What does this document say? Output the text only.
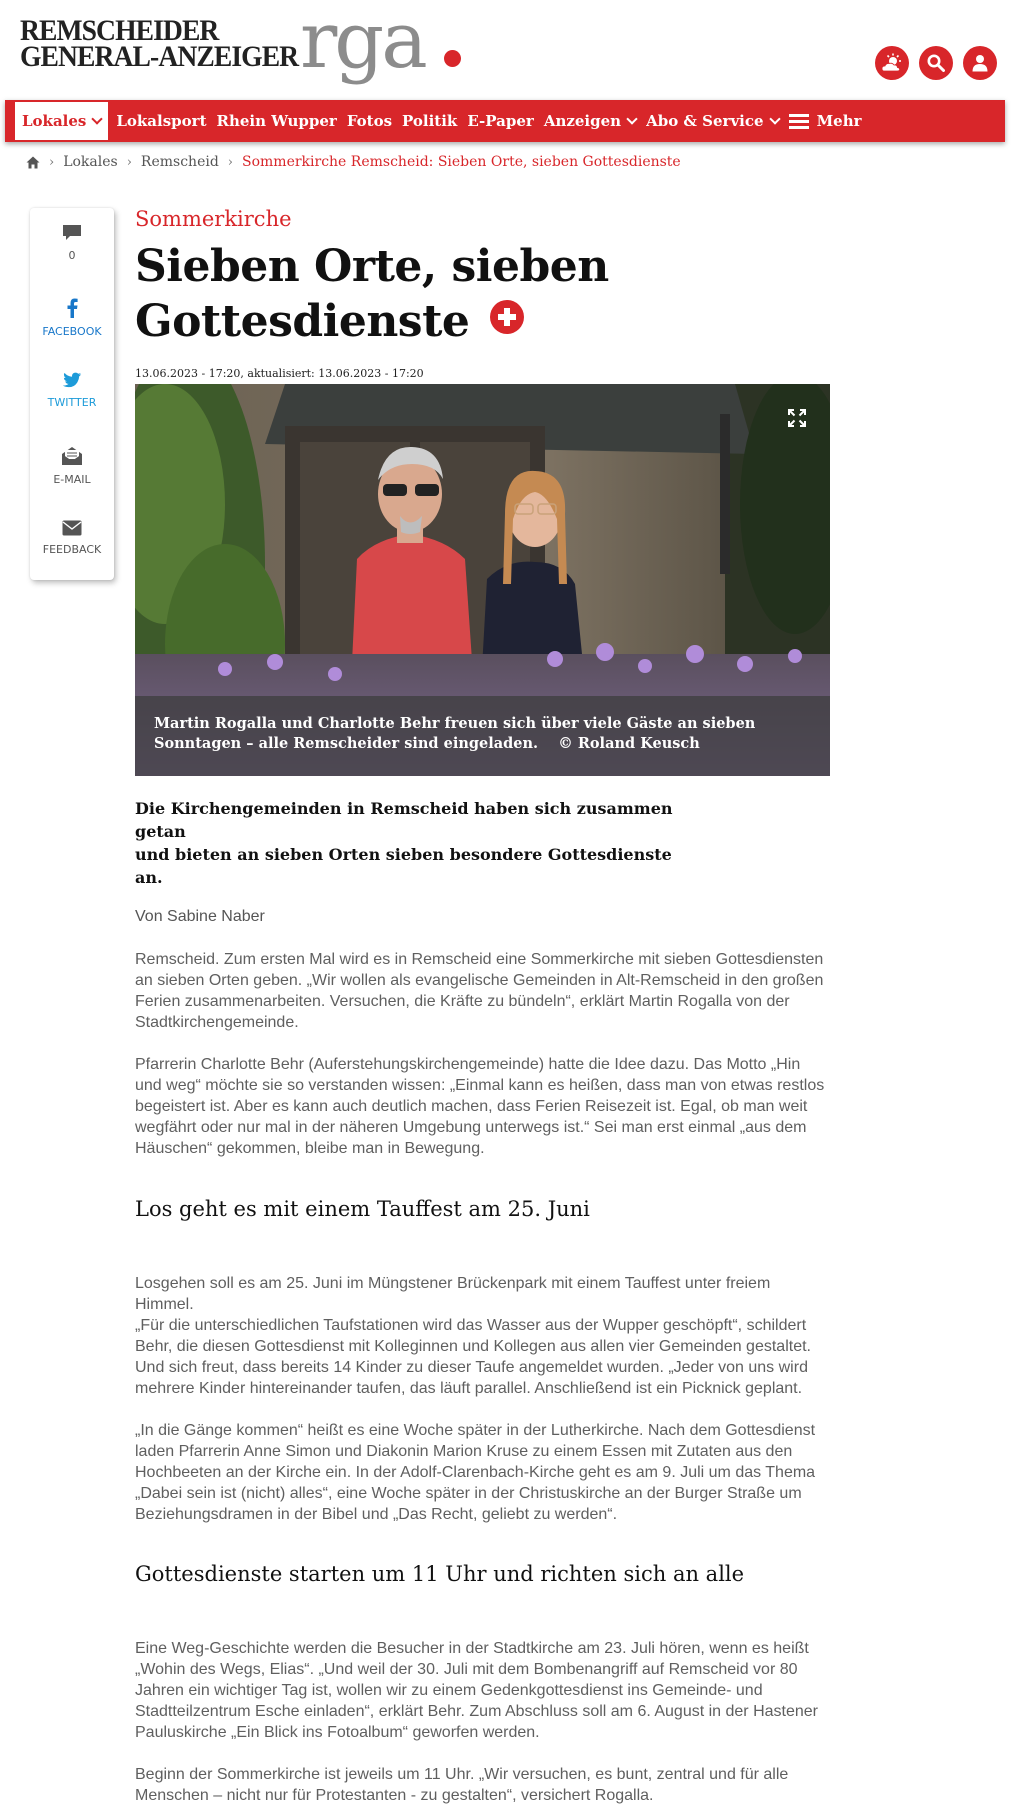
REMSCHEIDER
GENERAL-ANZEIGER rga
Lokales Lokalsport Rhein Wupper Fotos Politik E-Paper Anzeigen Abo & Service	Mehr
› Lokales › Remscheid › Sommerkirche Remscheid: Sieben Orte, sieben Gottesdienste
0
FACEBOOK
TWITTER
E-MAIL
FEEDBACK
Sommerkirche
Sieben Orte, sieben
Gottesdienste
13.06.2023 - 17:20, aktualisiert: 13.06.2023 - 17:20
Martin Rogalla und Charlotte Behr freuen sich über viele Gäste an sieben
Sonntagen – alle Remscheider sind eingeladen.    © Roland Keusch
Die Kirchengemeinden in Remscheid haben sich zusammen getan
und bieten an sieben Orten sieben besondere Gottesdienste an.
Von Sabine Naber
Remscheid. Zum ersten Mal wird es in Remscheid eine Sommerkirche mit sieben Gottesdiensten
an sieben Orten geben. „Wir wollen als evangelische Gemeinden in Alt-Remscheid in den großen
Ferien zusammenarbeiten. Versuchen, die Kräfte zu bündeln“, erklärt Martin Rogalla von der
Stadtkirchengemeinde.
Pfarrerin Charlotte Behr (Auferstehungskirchengemeinde) hatte die Idee dazu. Das Motto „Hin
und weg“ möchte sie so verstanden wissen: „Einmal kann es heißen, dass man von etwas restlos
begeistert ist. Aber es kann auch deutlich machen, dass Ferien Reisezeit ist. Egal, ob man weit
wegfährt oder nur mal in der näheren Umgebung unterwegs ist.“ Sei man erst einmal „aus dem
Häuschen“ gekommen, bleibe man in Bewegung.
Los geht es mit einem Tauffest am 25. Juni
Losgehen soll es am 25. Juni im Müngstener Brückenpark mit einem Tauffest unter freiem Himmel.
„Für die unterschiedlichen Taufstationen wird das Wasser aus der Wupper geschöpft“, schildert
Behr, die diesen Gottesdienst mit Kolleginnen und Kollegen aus allen vier Gemeinden gestaltet.
Und sich freut, dass bereits 14 Kinder zu dieser Taufe angemeldet wurden. „Jeder von uns wird
mehrere Kinder hintereinander taufen, das läuft parallel. Anschließend ist ein Picknick geplant.
„In die Gänge kommen“ heißt es eine Woche später in der Lutherkirche. Nach dem Gottesdienst
laden Pfarrerin Anne Simon und Diakonin Marion Kruse zu einem Essen mit Zutaten aus den
Hochbeeten an der Kirche ein. In der Adolf-Clarenbach-Kirche geht es am 9. Juli um das Thema
„Dabei sein ist (nicht) alles“, eine Woche später in der Christuskirche an der Burger Straße um
Beziehungsdramen in der Bibel und „Das Recht, geliebt zu werden“.
Gottesdienste starten um 11 Uhr und richten sich an alle
Eine Weg-Geschichte werden die Besucher in der Stadtkirche am 23. Juli hören, wenn es heißt
„Wohin des Wegs, Elias“. „Und weil der 30. Juli mit dem Bombenangriff auf Remscheid vor 80
Jahren ein wichtiger Tag ist, wollen wir zu einem Gedenkgottesdienst ins Gemeinde- und
Stadtteilzentrum Esche einladen“, erklärt Behr. Zum Abschluss soll am 6. August in der Hastener
Pauluskirche „Ein Blick ins Fotoalbum“ geworfen werden.
Beginn der Sommerkirche ist jeweils um 11 Uhr. „Wir versuchen, es bunt, zentral und für alle
Menschen – nicht nur für Protestanten - zu gestalten“, versichert Rogalla.
